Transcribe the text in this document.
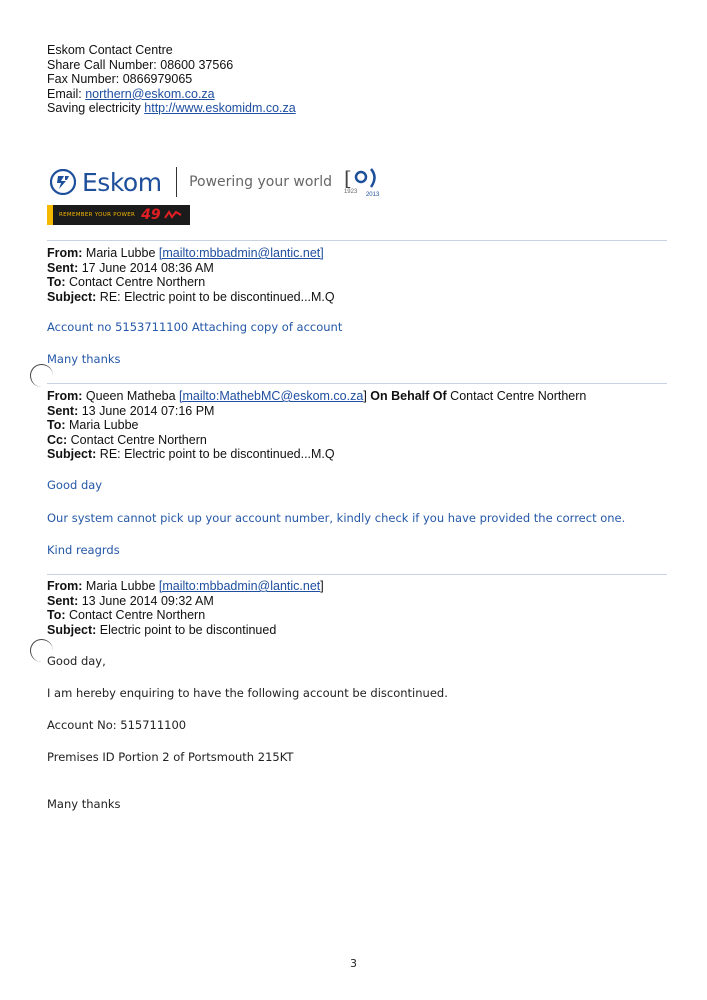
Eskom Contact Centre
Share Call Number: 08600 37566
Fax Number: 0866979065
Email: northern@eskom.co.za
Saving electricity http://www.eskomidm.co.za
Eskom Powering your world [
1923 2013
REMEMBER YOUR POWER 49
From: Maria Lubbe [mailto:mbbadmin@lantic.net]
Sent: 17 June 2014 08:36 AM
To: Contact Centre Northern
Subject: RE: Electric point to be discontinued...M.Q
Account no 5153711100 Attaching copy of account
Many thanks
From: Queen Matheba [mailto:MathebMC@eskom.co.za] On Behalf Of Contact Centre Northern
Sent: 13 June 2014 07:16 PM
To: Maria Lubbe
Cc: Contact Centre Northern
Subject: RE: Electric point to be discontinued...M.Q
Good day
Our system cannot pick up your account number, kindly check if you have provided the correct one.
Kind reagrds
From: Maria Lubbe [mailto:mbbadmin@lantic.net]
Sent: 13 June 2014 09:32 AM
To: Contact Centre Northern
Subject: Electric point to be discontinued
Good day,
I am hereby enquiring to have the following account be discontinued.
Account No: 515711100
Premises ID Portion 2 of Portsmouth 215KT
Many thanks
3
